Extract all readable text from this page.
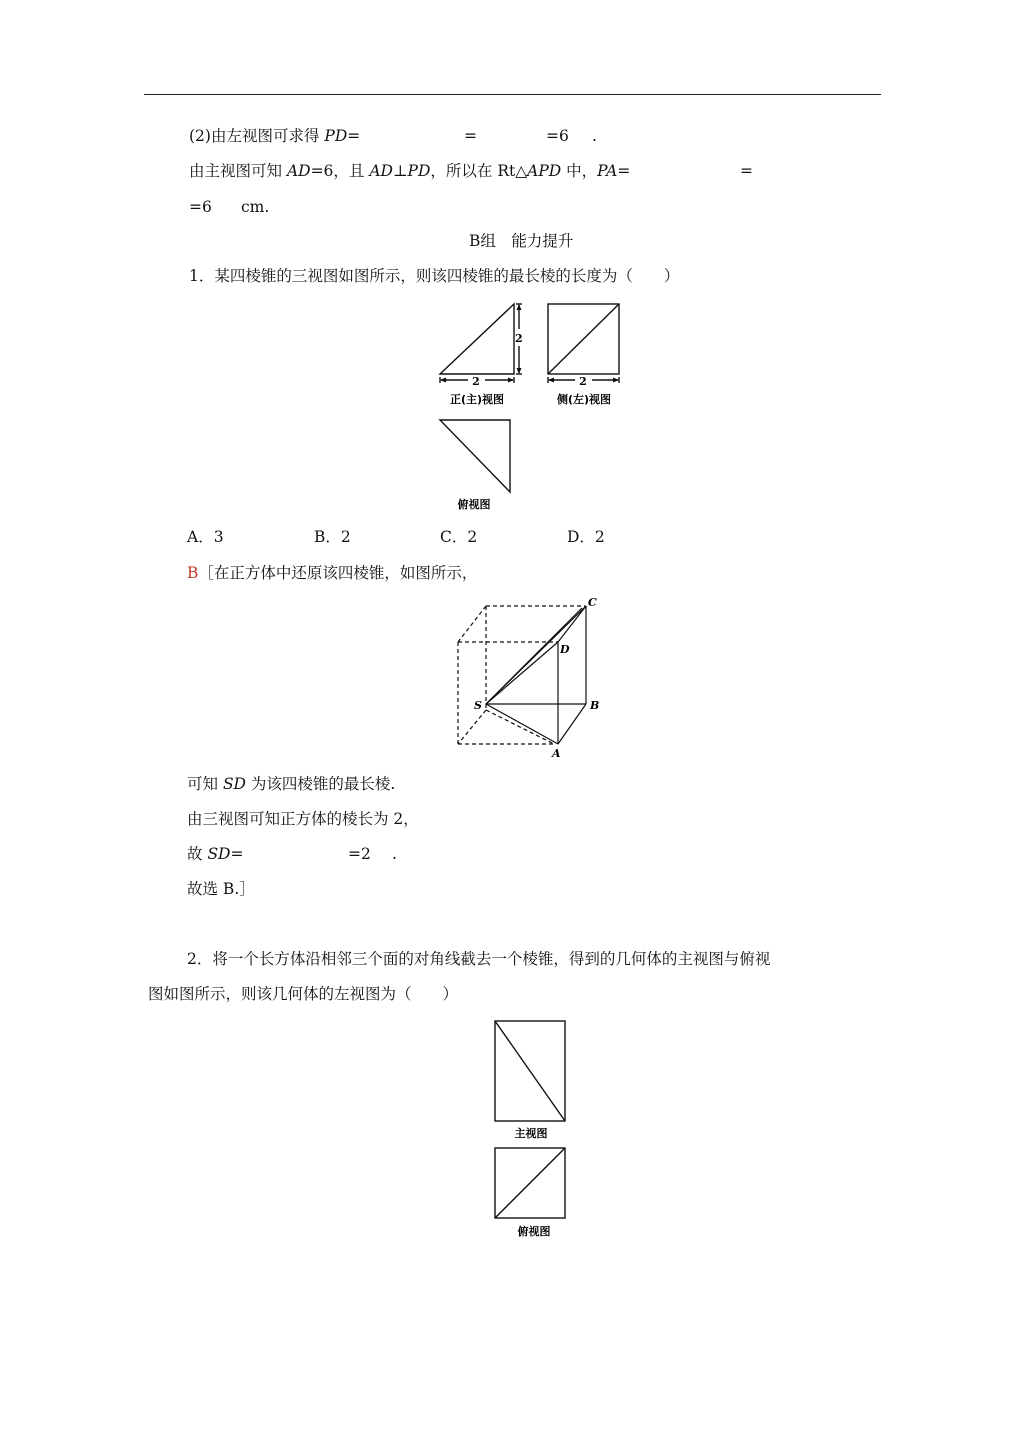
(2)由左视图可求得 PD=	=	=6 .
由主视图可知 AD=6，且 AD⊥PD，所以在 Rt△APD 中，PA=	=
=6 cm.
B组　能力提升
1．某四棱锥的三视图如图所示，则该四棱锥的最长棱的长度为（　　）
2
2
2
正(主)视图	侧(左)视图
俯视图
A．3	B．2	C．2	D．2
B［在正方体中还原该四棱锥，如图所示，
C
D
S	B
A
可知 SD 为该四棱锥的最长棱.
由三视图可知正方体的棱长为 2，
故 SD=	=2 .
故选 B.］
2．将一个长方体沿相邻三个面的对角线截去一个棱锥，得到的几何体的主视图与俯视
图如图所示，则该几何体的左视图为（　　）
主视图
俯视图
